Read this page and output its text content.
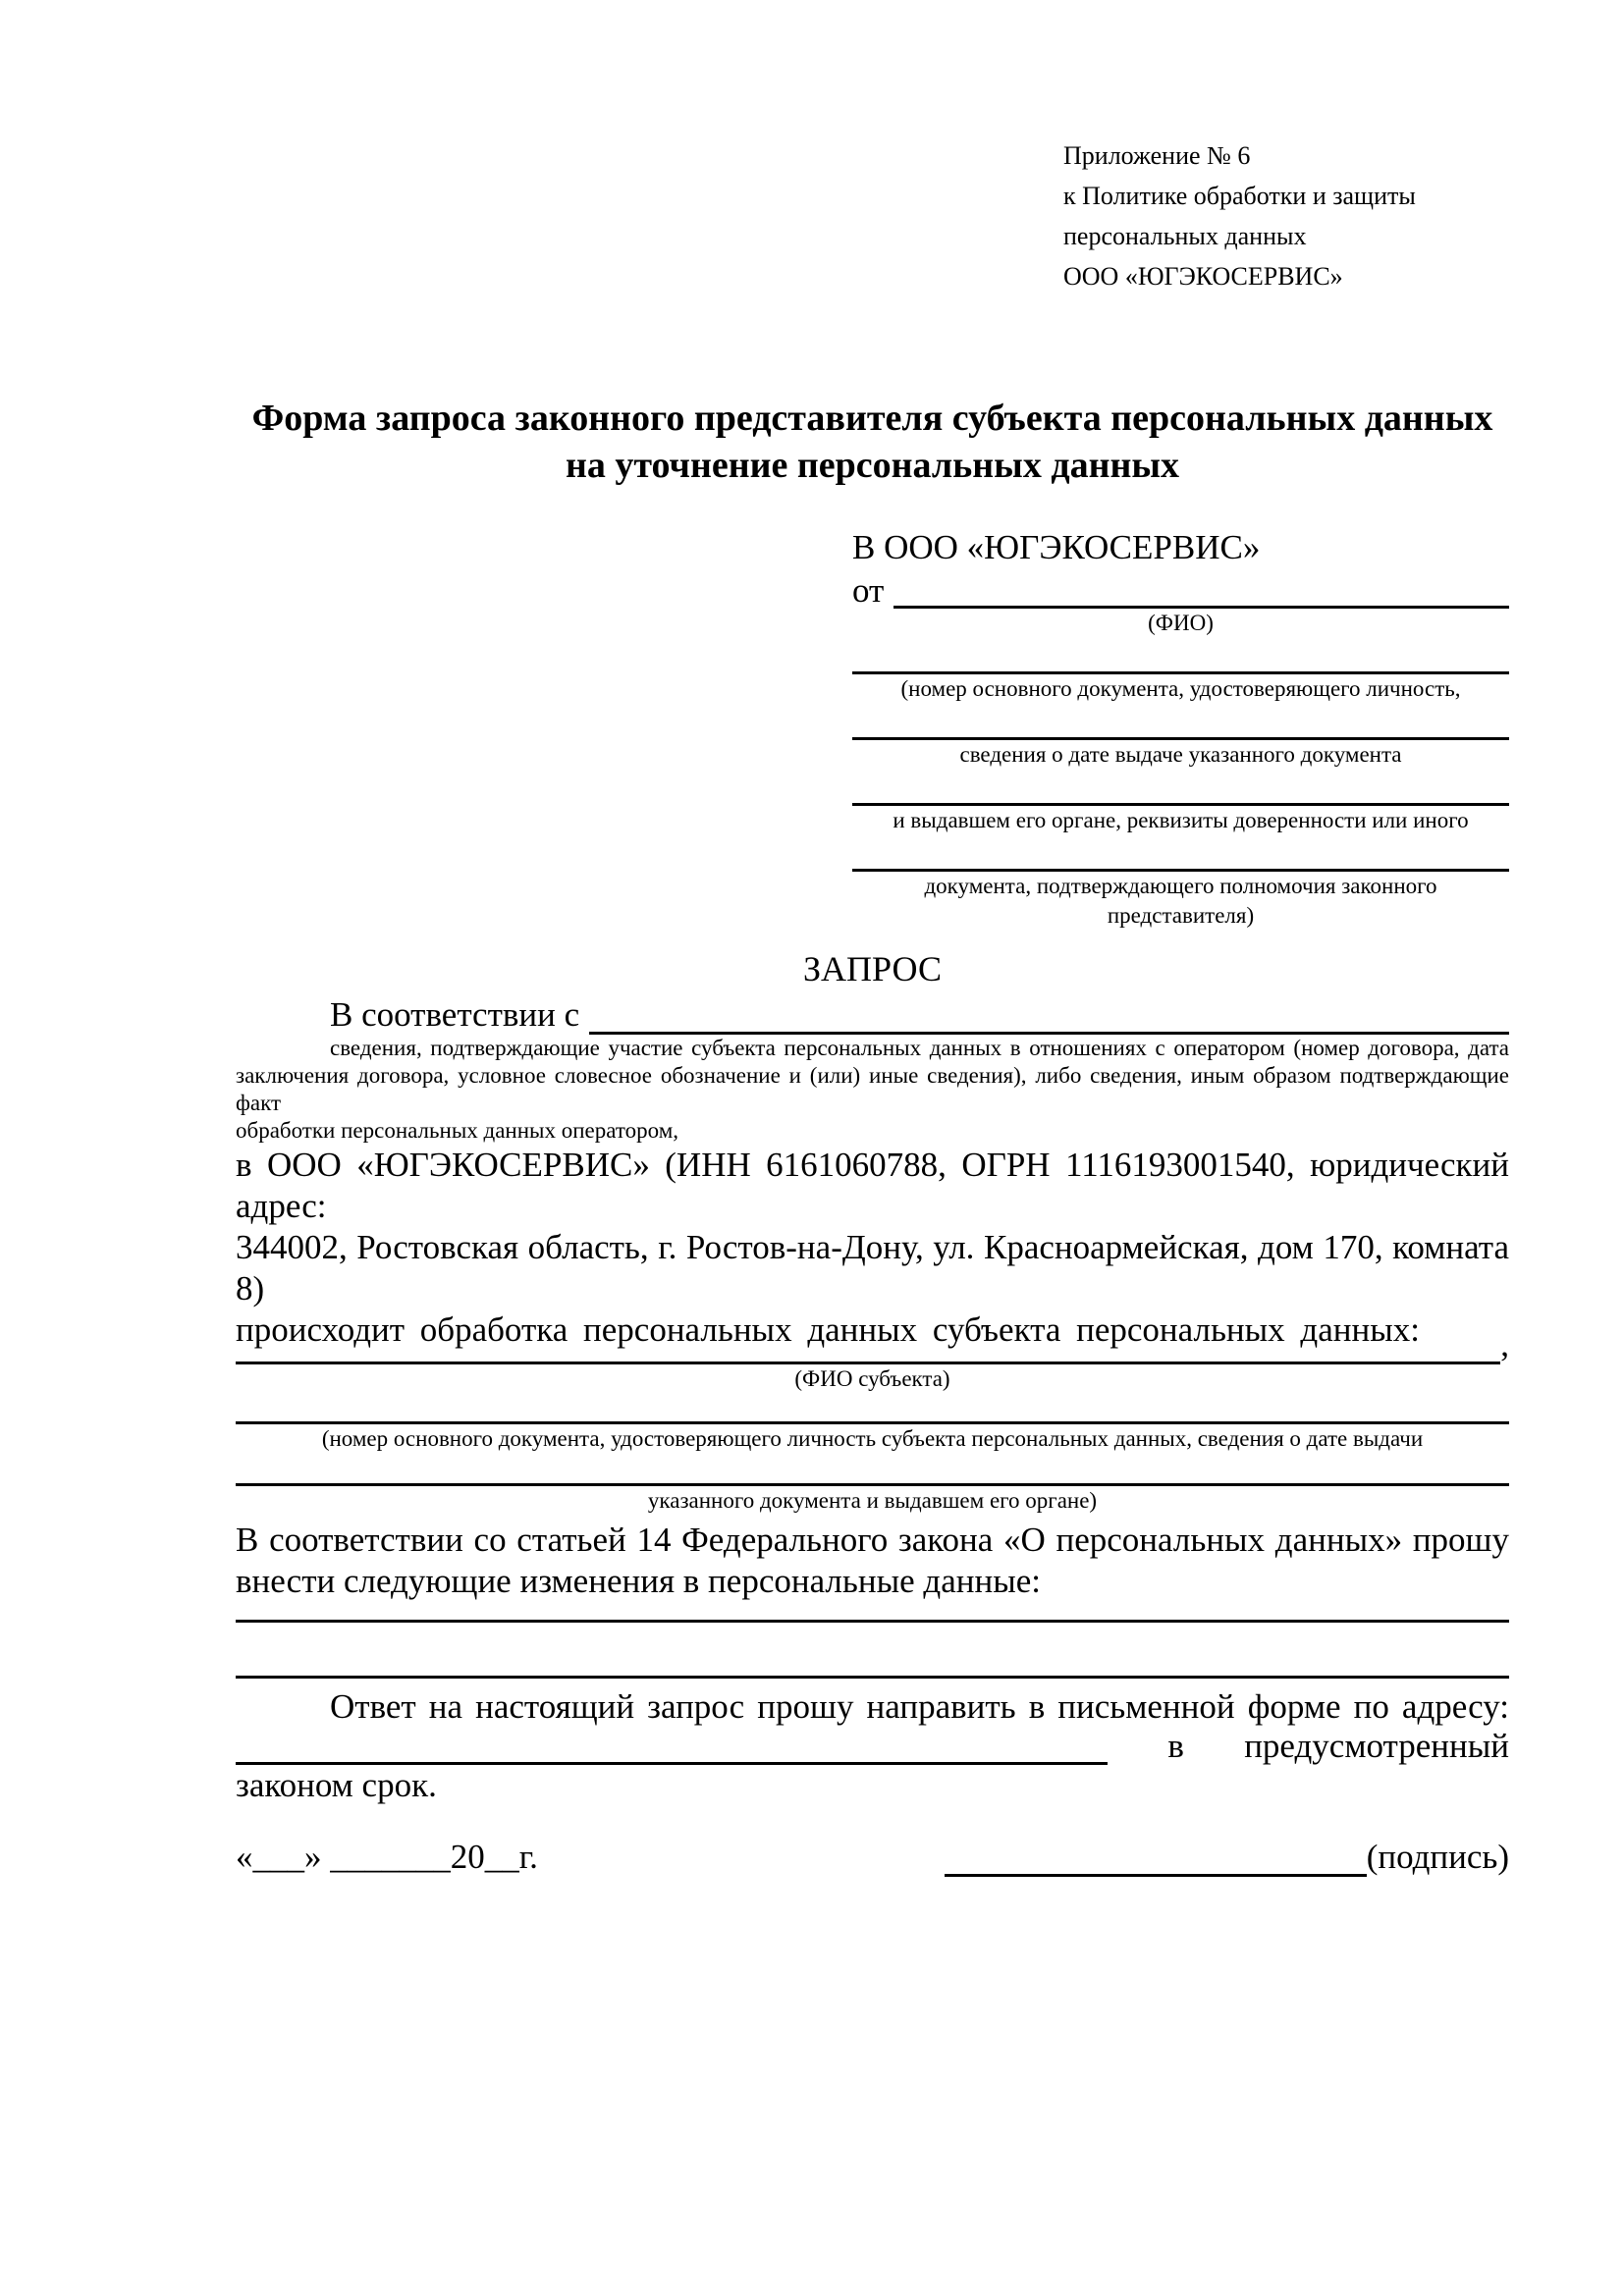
Приложение № 6
к Политике обработки и защиты
персональных данных
ООО «ЮГЭКОСЕРВИС»
Форма запроса законного представителя субъекта персональных данных
на уточнение персональных данных
В ООО «ЮГЭКОСЕРВИС»
от
(ФИО)
(номер основного документа, удостоверяющего личность,
сведения о дате выдаче указанного документа
и выдавшем его органе, реквизиты доверенности или иного
документа, подтверждающего полномочия законного представителя)
ЗАПРОС
В соответствии с
сведения, подтверждающие участие субъекта персональных данных в отношениях с оператором (номер договора, дата
заключения договора, условное словесное обозначение и (или) иные сведения), либо сведения, иным образом подтверждающие факт
обработки персональных данных оператором,
в ООО «ЮГЭКОСЕРВИС» (ИНН 6161060788, ОГРН 1116193001540, юридический адрес:
344002, Ростовская область, г. Ростов-на-Дону, ул. Красноармейская, дом 170, комната 8)
происходит обработка персональных данных субъекта персональных данных:	,
(ФИО субъекта)
(номер основного документа, удостоверяющего личность субъекта персональных данных, сведения о дате выдачи
указанного документа и выдавшем его органе)
В соответствии со статьей 14 Федерального закона «О персональных данных» прошу
внести следующие изменения в персональные данные:
Ответ на настоящий запрос прошу направить в письменной форме по адресу:
в предусмотренный
законом срок.
«___» _______20__г.	(подпись)
